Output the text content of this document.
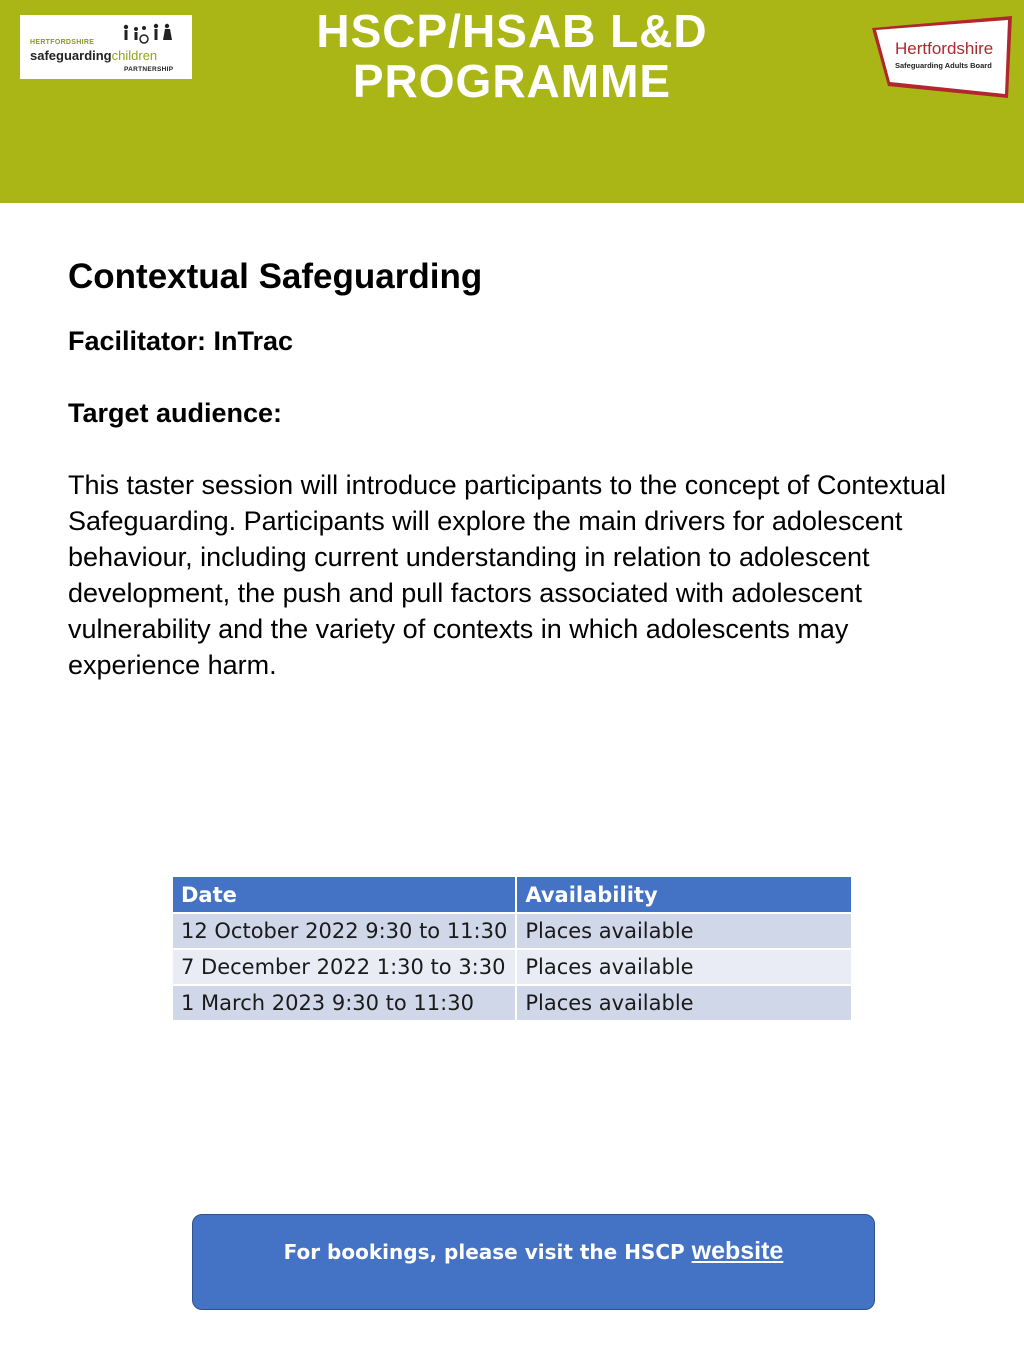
HERTFORDSHIRE
safeguardingchildren
PARTNERSHIP
HSCP/HSAB L&D
PROGRAMME
Hertfordshire
Safeguarding Adults Board
Contextual Safeguarding
Facilitator: InTrac
Target audience:

This taster session will introduce participants to the concept of Contextual Safeguarding. Participants will explore the main drivers for adolescent behaviour, including current understanding in relation to adolescent development, the push and pull factors associated with adolescent vulnerability and the variety of contexts in which adolescents may experience harm.

Date	Availability
12 October 2022 9:30 to 11:30	Places available
7 December 2022 1:30 to 3:30	Places available
1 March 2023 9:30 to 11:30	Places available
For bookings, please visit the HSCP website
